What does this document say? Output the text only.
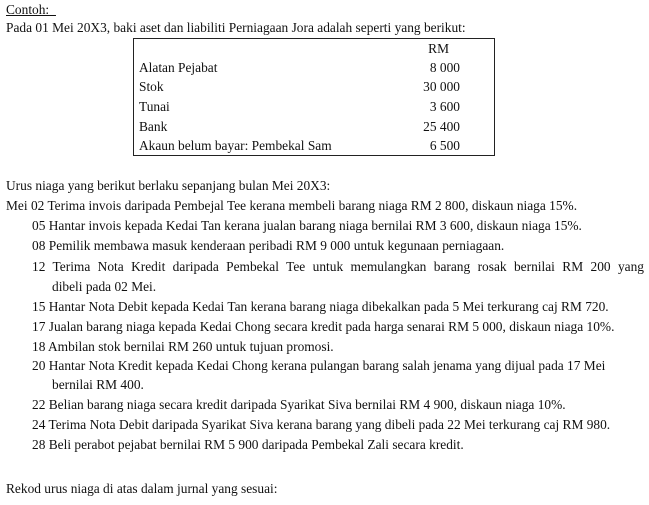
Contoh:
Pada 01 Mei 20X3, baki aset dan liabiliti Perniagaan Jora adalah seperti yang berikut:
RM
Alatan Pejabat	8 000
Stok	30 000
Tunai	3 600
Bank	25 400
Akaun belum bayar: Pembekal Sam	6 500
Urus niaga yang berikut berlaku sepanjang bulan Mei 20X3:
Mei 02 Terima invois daripada Pembejal Tee kerana membeli barang niaga RM 2 800, diskaun niaga 15%.
05 Hantar invois kepada Kedai Tan kerana jualan barang niaga bernilai RM 3 600, diskaun niaga 15%.
08 Pemilik membawa masuk kenderaan peribadi RM 9 000 untuk kegunaan perniagaan.
12 Terima Nota Kredit daripada Pembekal Tee untuk memulangkan barang rosak bernilai RM 200 yang
dibeli pada 02 Mei.
15 Hantar Nota Debit kepada Kedai Tan kerana barang niaga dibekalkan pada 5 Mei terkurang caj RM 720.
17 Jualan barang niaga kepada Kedai Chong secara kredit pada harga senarai RM 5 000, diskaun niaga 10%.
18 Ambilan stok bernilai RM 260 untuk tujuan promosi.
20 Hantar Nota Kredit kepada Kedai Chong kerana pulangan barang salah jenama yang dijual pada 17 Mei
bernilai RM 400.
22 Belian barang niaga secara kredit daripada Syarikat Siva bernilai RM 4 900, diskaun niaga 10%.
24 Terima Nota Debit daripada Syarikat Siva kerana barang yang dibeli pada 22 Mei terkurang caj RM 980.
28 Beli perabot pejabat bernilai RM 5 900 daripada Pembekal Zali secara kredit.
Rekod urus niaga di atas dalam jurnal yang sesuai:
